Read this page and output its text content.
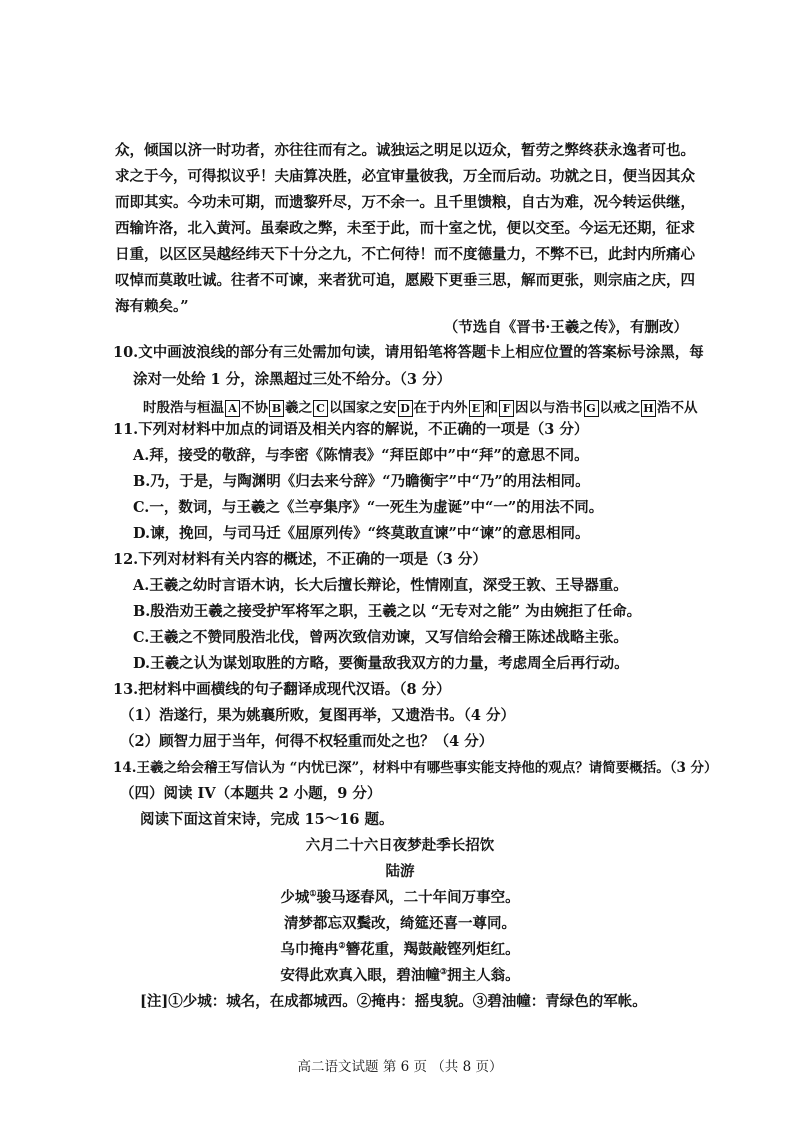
众，倾国以济一时功者，亦往往而有之。诚独运之明足以迈众，暂劳之弊终获永逸者可也。
求之于今，可得拟议乎！夫庙算决胜，必宜审量彼我，万全而后动。功就之日，便当因其众
而即其实。今功未可期，而遗黎歼尽，万不余一。且千里馈粮，自古为难，况今转运供继，
西输许洛，北入黄河。虽秦政之弊，未至于此，而十室之忧，便以交至。今运无还期，征求
日重，以区区吴越经纬天下十分之九，不亡何待！而不度德量力，不弊不已，此封内所痛心
叹悼而莫敢吐诚。往者不可谏，来者犹可追，愿殿下更垂三思，解而更张，则宗庙之庆，四
海有赖矣。”
（节选自《晋书·王羲之传》，有删改）
10.文中画波浪线的部分有三处需加句读，请用铅笔将答题卡上相应位置的答案标号涂黑，每
涂对一处给 1 分，涂黑超过三处不给分。（3 分）
时殷浩与桓温 A 不协 B 羲之 C 以国家之安 D 在于内外 E 和 F 因以与浩书 G 以戒之 H 浩不从
11.下列对材料中加点的词语及相关内容的解说，不正确的一项是（3 分）
A.拜，接受的敬辞，与李密《陈情表》“拜臣郎中”中“拜”的意思不同。
B.乃，于是，与陶渊明《归去来兮辞》“乃瞻衡宇”中“乃”的用法相同。
C.一，数词，与王羲之《兰亭集序》“一死生为虚诞”中“一”的用法不同。
D.谏，挽回，与司马迁《屈原列传》“终莫敢直谏”中“谏”的意思相同。
12.下列对材料有关内容的概述，不正确的一项是（3 分）
A.王羲之幼时言语木讷，长大后擅长辩论，性情刚直，深受王敦、王导器重。
B.殷浩劝王羲之接受护军将军之职，王羲之以 “无专对之能” 为由婉拒了任命。
C.王羲之不赞同殷浩北伐，曾两次致信劝谏，又写信给会稽王陈述战略主张。
D.王羲之认为谋划取胜的方略，要衡量敌我双方的力量，考虑周全后再行动。
13.把材料中画横线的句子翻译成现代汉语。（8 分）
（1）浩遂行，果为姚襄所败，复图再举，又遗浩书。（4 分）
（2）顾智力屈于当年，何得不权轻重而处之也？（4 分）
14.王羲之给会稽王写信认为 “内忧已深”，材料中有哪些事实能支持他的观点？请简要概括。（3 分）
（四）阅读 IV（本题共 2 小题，9 分）
阅读下面这首宋诗，完成 15～16 题。
六月二十六日夜梦赴季长招饮
陆游
少城①骏马逐春风，二十年间万事空。
清梦都忘双鬓改，绮筵还喜一尊同。
乌巾掩冉②簪花重，羯鼓敲铿列炬红。
安得此欢真入眼，碧油幢③拥主人翁。
[注]①少城：城名，在成都城西。②掩冉：摇曳貌。③碧油幢：青绿色的军帐。
高二语文试题 第 6 页 （共 8 页）
